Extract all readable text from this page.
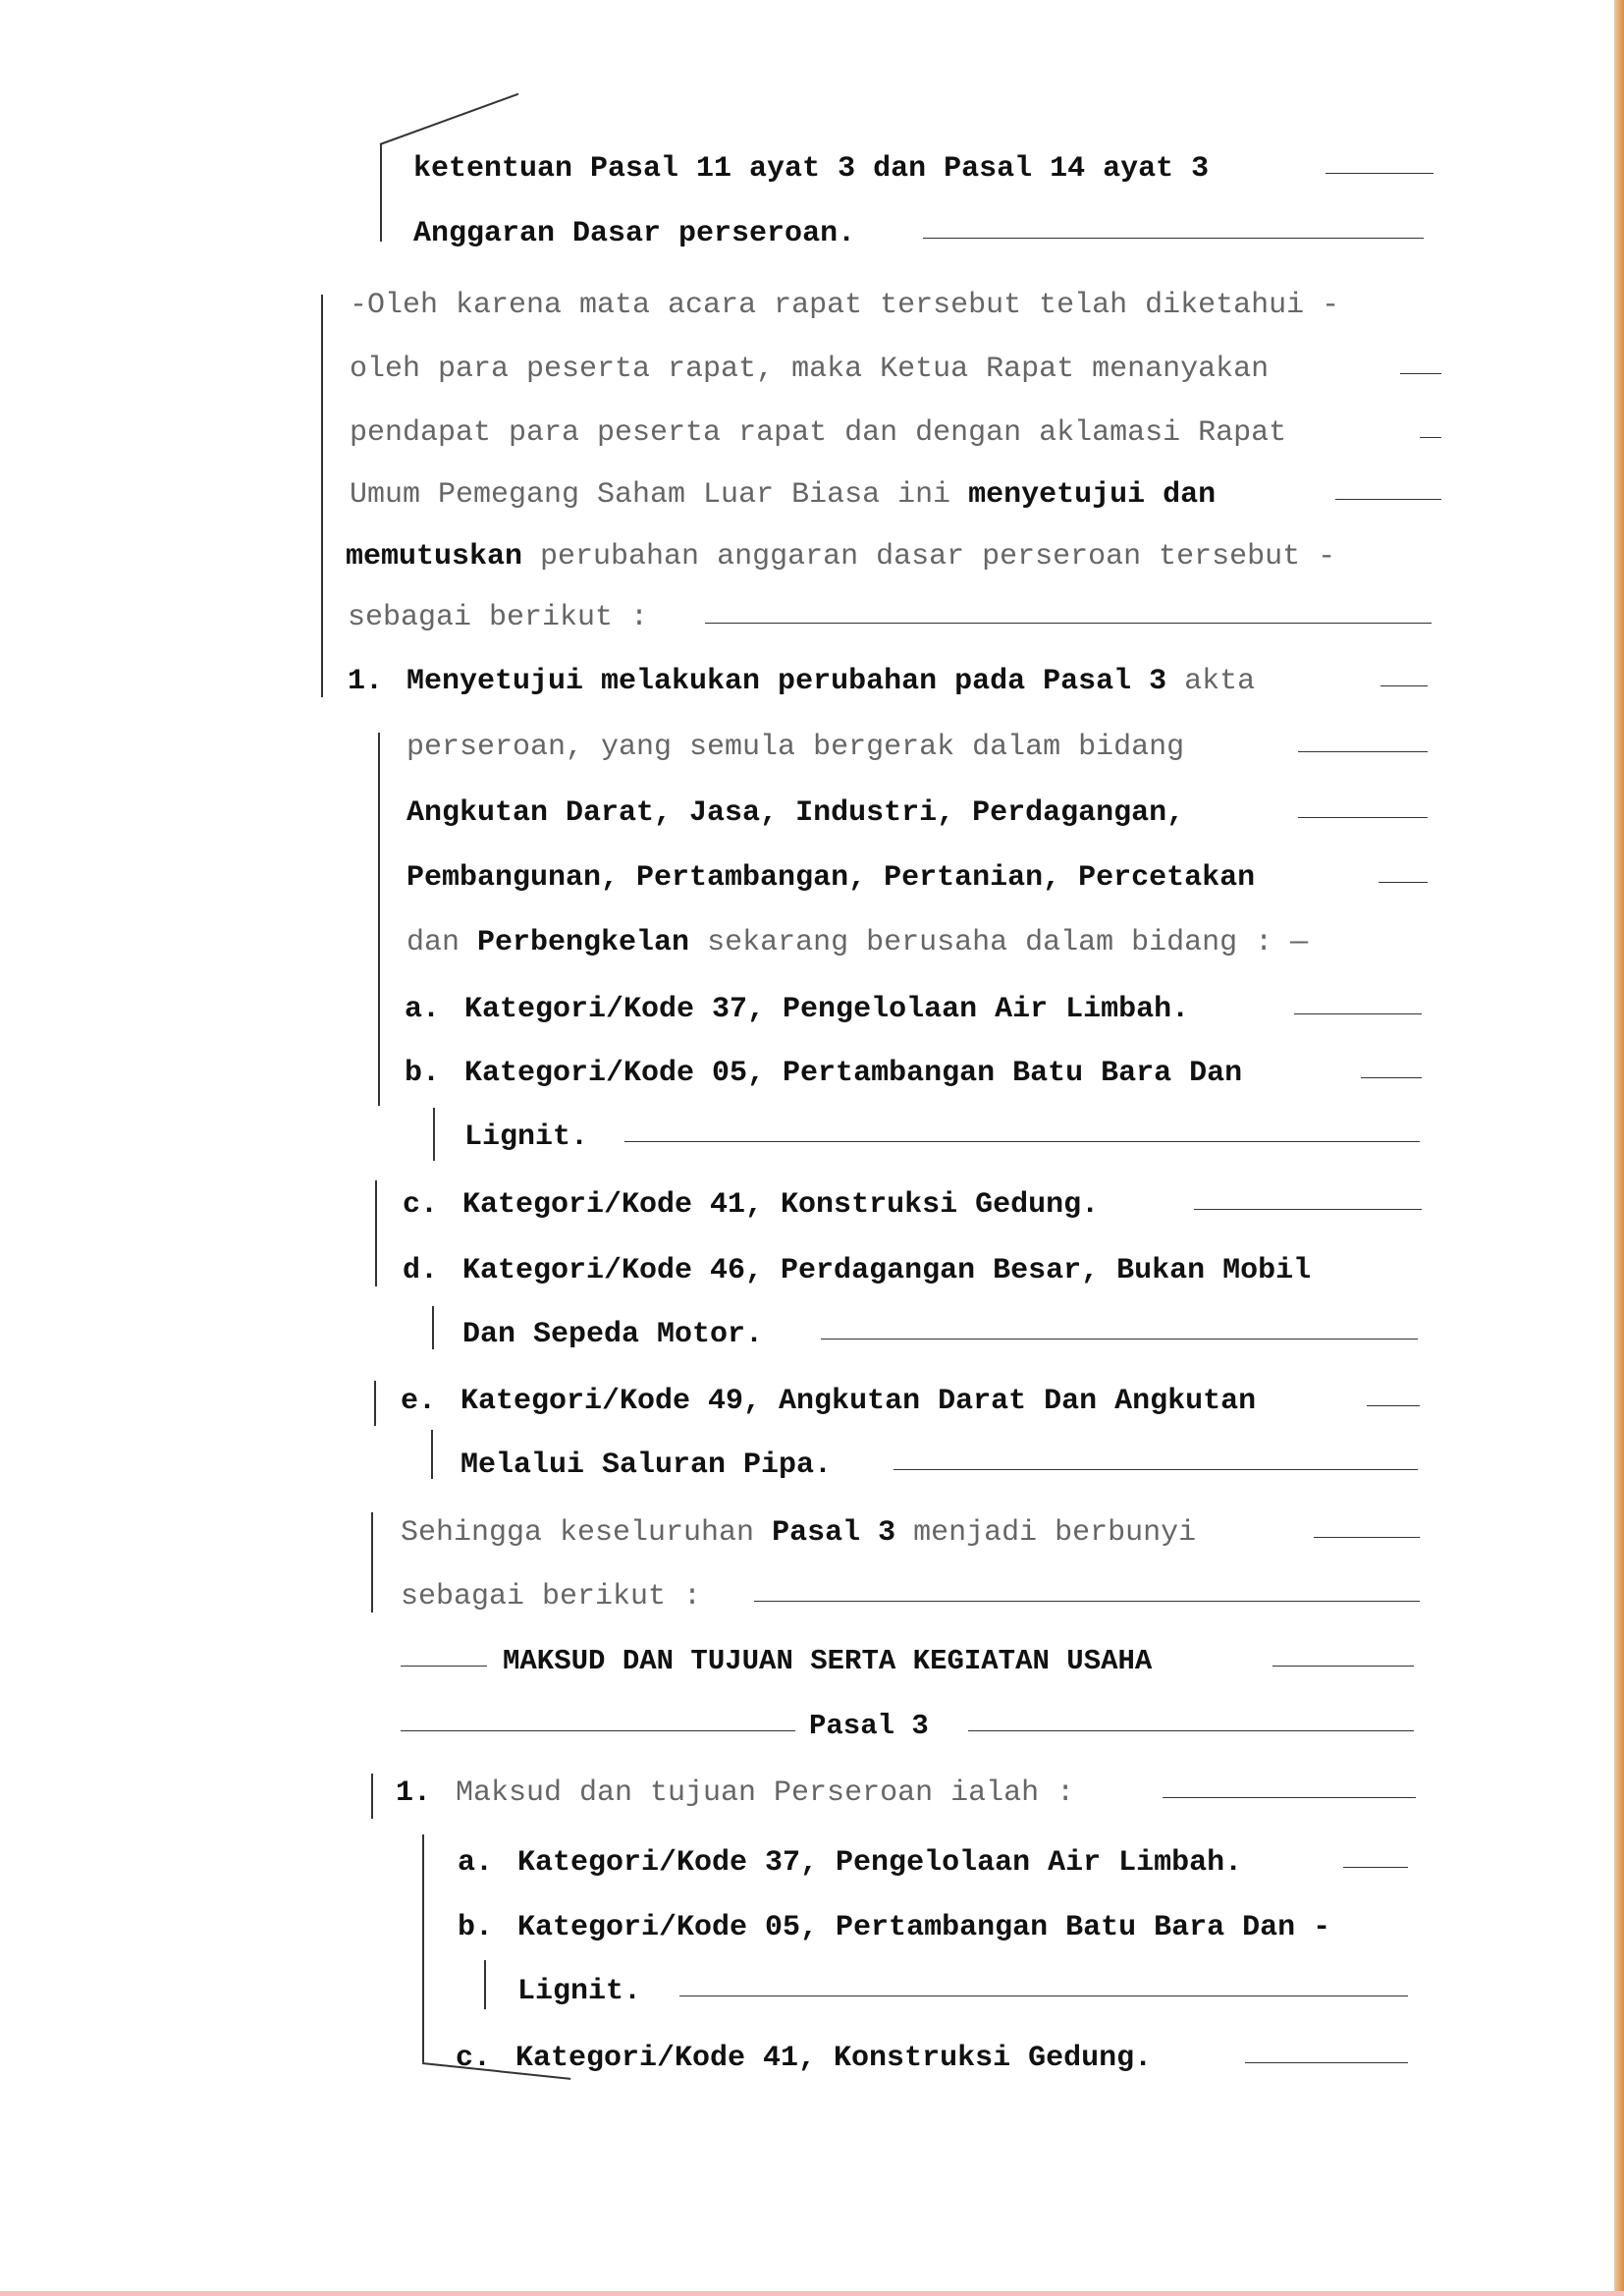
ketentuan Pasal 11 ayat 3 dan Pasal 14 ayat 3
Anggaran Dasar perseroan.
-Oleh karena mata acara rapat tersebut telah diketahui -
oleh para peserta rapat, maka Ketua Rapat menanyakan
pendapat para peserta rapat dan dengan aklamasi Rapat
Umum Pemegang Saham Luar Biasa ini menyetujui dan
memutuskan perubahan anggaran dasar perseroan tersebut -
sebagai berikut :
1. Menyetujui melakukan perubahan pada Pasal 3 akta
perseroan, yang semula bergerak dalam bidang
Angkutan Darat, Jasa, Industri, Perdagangan,
Pembangunan, Pertambangan, Pertanian, Percetakan
dan Perbengkelan sekarang berusaha dalam bidang : —
a. Kategori/Kode 37, Pengelolaan Air Limbah.
b. Kategori/Kode 05, Pertambangan Batu Bara Dan
Lignit.
c. Kategori/Kode 41, Konstruksi Gedung.
d. Kategori/Kode 46, Perdagangan Besar, Bukan Mobil
Dan Sepeda Motor.
e. Kategori/Kode 49, Angkutan Darat Dan Angkutan
Melalui Saluran Pipa.
Sehingga keseluruhan Pasal 3 menjadi berbunyi
sebagai berikut :
MAKSUD DAN TUJUAN SERTA KEGIATAN USAHA
Pasal 3
1. Maksud dan tujuan Perseroan ialah :
a. Kategori/Kode 37, Pengelolaan Air Limbah.
b. Kategori/Kode 05, Pertambangan Batu Bara Dan -
Lignit.
c. Kategori/Kode 41, Konstruksi Gedung.
